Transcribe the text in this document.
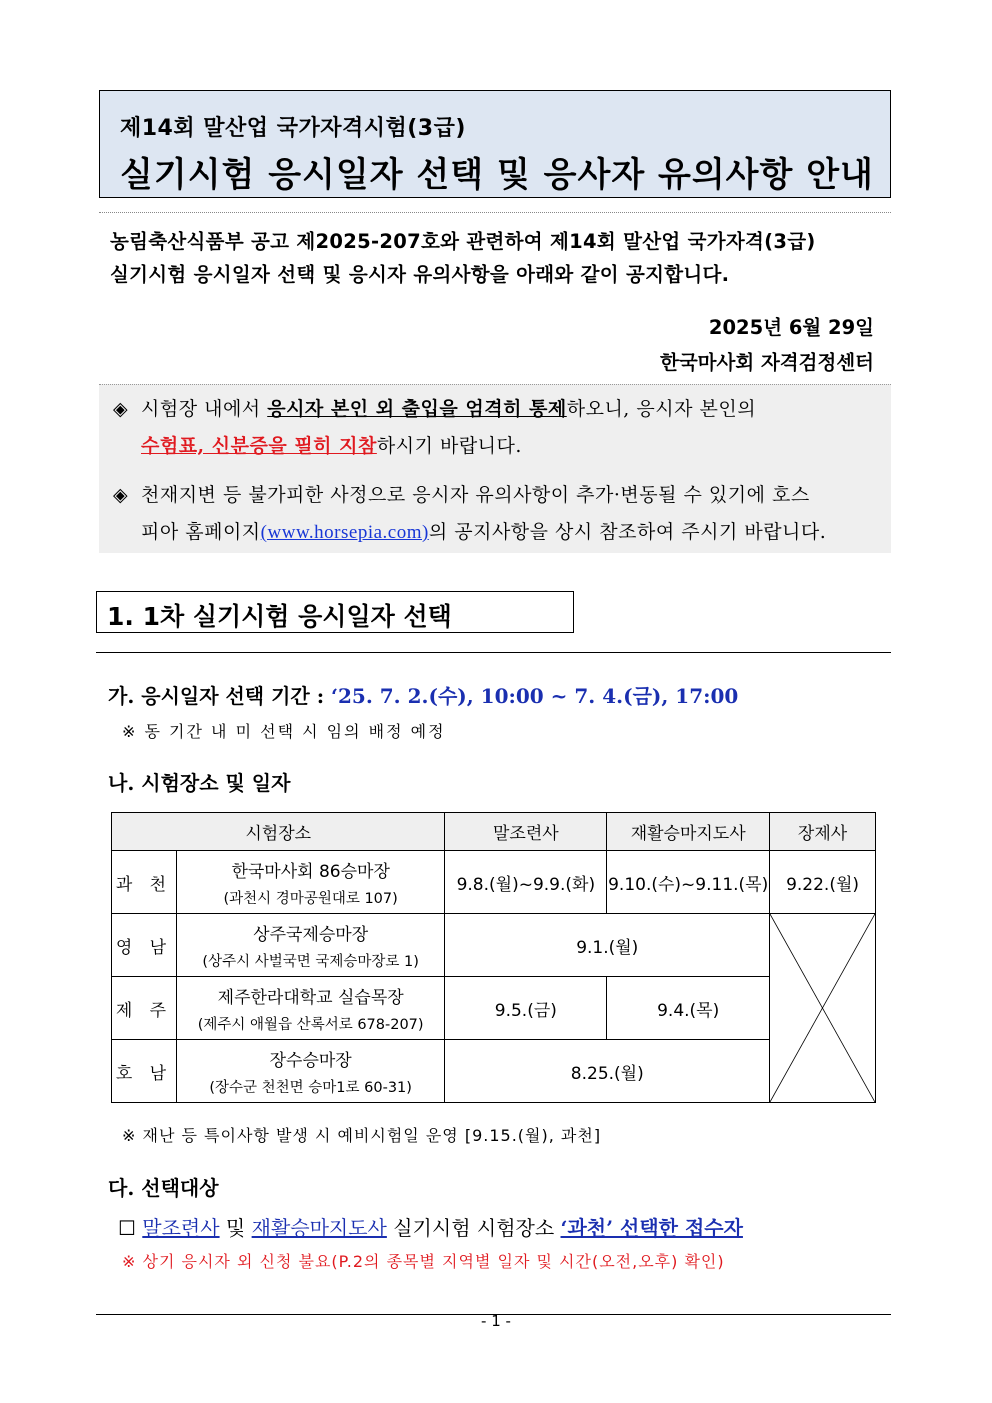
제14회 말산업 국가자격시험(3급)
실기시험 응시일자 선택 및 응사자 유의사항 안내
농림축산식품부 공고 제2025-207호와 관련하여 제14회 말산업 국가자격(3급)
실기시험 응시일자 선택 및 응시자 유의사항을 아래와 같이 공지합니다.
2025년 6월 29일
한국마사회 자격검정센터
◈ 시험장 내에서 응시자 본인 외 출입을 엄격히 통제하오니, 응시자 본인의
수험표, 신분증을 필히 지참하시기 바랍니다.
◈ 천재지변 등 불가피한 사정으로 응시자 유의사항이 추가·변동될 수 있기에 호스
피아 홈페이지(www.horsepia.com)의 공지사항을 상시 참조하여 주시기 바랍니다.
1. 1차 실기시험 응시일자 선택
가. 응시일자 선택 기간 : ‘25. 7. 2.(수), 10:00 ~ 7. 4.(금), 17:00
※ 동 기간 내 미 선택 시 임의 배정 예정
나. 시험장소 및 일자
시험장소		말조련사	재활승마지도사	장제사
과 천	한국마사회 86승마장
(과천시 경마공원대로 107)	9.8.(월)~9.9.(화)	9.10.(수)~9.11.(목)	9.22.(월)
영 남	상주국제승마장
(상주시 사벌국면 국제승마장로 1)	9.1.(월)	

제 주	제주한라대학교 실습목장
(제주시 애월읍 산록서로 678-207)	9.5.(금)	9.4.(목)	
호 남	장수승마장
(장수군 천천면 승마1로 60-31)	8.25.(월)		
※ 재난 등 특이사항 발생 시 예비시험일 운영 [9.15.(월), 과천]
다. 선택대상
☐ 말조련사 및 재활승마지도사 실기시험 시험장소 ‘과천’ 선택한 접수자
※ 상기 응시자 외 신청 불요(P.2의 종목별 지역별 일자 및 시간(오전,오후) 확인)
- 1 -
